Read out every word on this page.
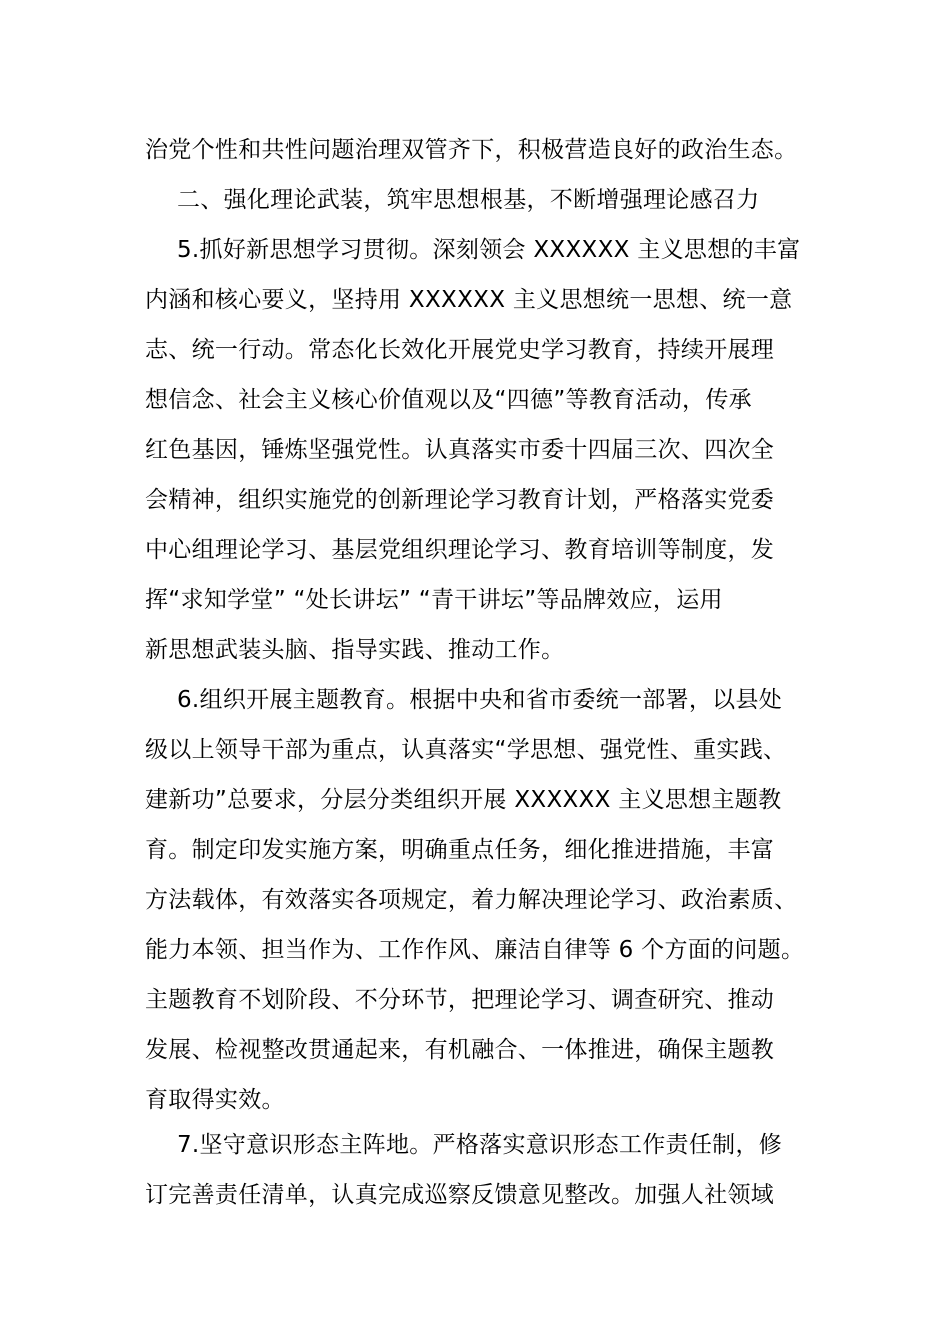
治党个性和共性问题治理双管齐下，积极营造良好的政治生态。
二、强化理论武装，筑牢思想根基，不断增强理论感召力
5.抓好新思想学习贯彻。深刻领会 XXXXXX 主义思想的丰富
内涵和核心要义，坚持用 XXXXXX 主义思想统一思想、统一意
志、统一行动。常态化长效化开展党史学习教育，持续开展理
想信念、社会主义核心价值观以及“四德”等教育活动，传承
红色基因，锤炼坚强党性。认真落实市委十四届三次、四次全
会精神，组织实施党的创新理论学习教育计划，严格落实党委
中心组理论学习、基层党组织理论学习、教育培训等制度，发
挥“求知学堂” “处长讲坛” “青干讲坛”等品牌效应，运用
新思想武装头脑、指导实践、推动工作。
6.组织开展主题教育。根据中央和省市委统一部署，以县处
级以上领导干部为重点，认真落实“学思想、强党性、重实践、
建新功”总要求，分层分类组织开展 XXXXXX 主义思想主题教
育。制定印发实施方案，明确重点任务，细化推进措施，丰富
方法载体，有效落实各项规定，着力解决理论学习、政治素质、
能力本领、担当作为、工作作风、廉洁自律等 6 个方面的问题。
主题教育不划阶段、不分环节，把理论学习、调查研究、推动
发展、检视整改贯通起来，有机融合、一体推进，确保主题教
育取得实效。
7.坚守意识形态主阵地。严格落实意识形态工作责任制，修
订完善责任清单，认真完成巡察反馈意见整改。加强人社领域
